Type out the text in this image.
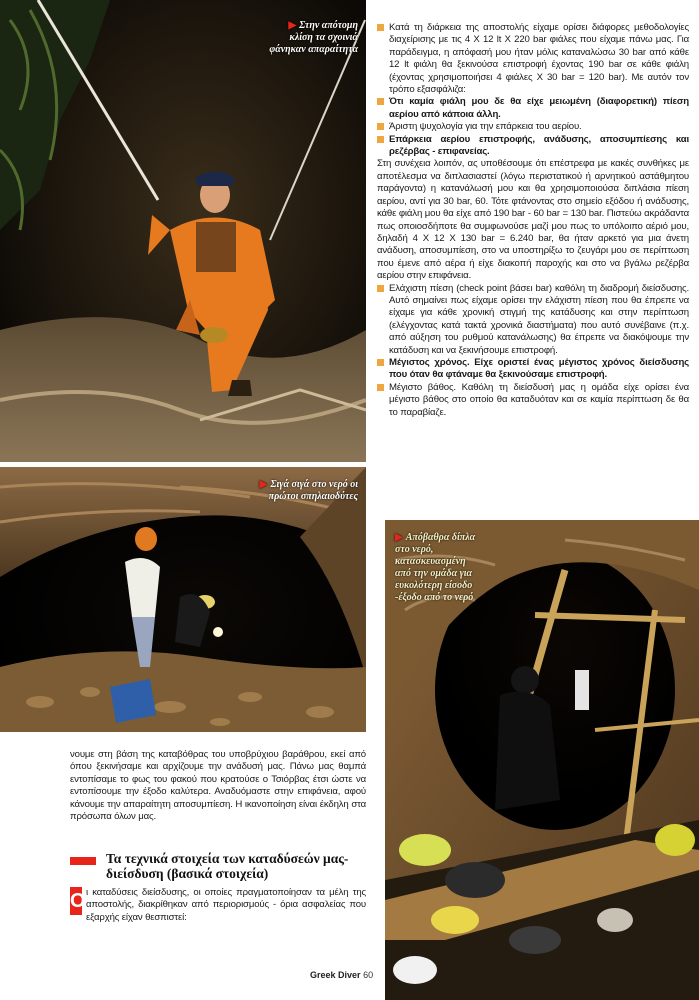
▶ Στην απότομη
κλίση τα σχοινιά
φάνηκαν απαραίτητα
▶ Σιγά σιγά στο νερό οι
πρώτοι σπηλαιοδύτες
▶ Απόβαθρα δίπλα
στο νερό,
κατασκευασμένη
από την ομάδα για
ευκολότερη είσοδο
-έξοδο από το νερό
Κατά τη διάρκεια της αποστολής είχαμε ορίσει διάφορες μεθοδολογίες διαχείρισης με τις 4 Χ 12 lt Χ 220 bar φιάλες που είχαμε πάνω μας. Για παράδειγμα, η απόφασή μου ήταν μόλις καταναλώσω 30 bar από κάθε 12 lt φιάλη θα ξεκινούσα επιστροφή έχοντας 190 bar σε κάθε φιάλη (έχοντας χρησιμοποιήσει 4 φιάλες Χ 30 bar = 120 bar). Με αυτόν τον τρόπο εξασφάλιζα:
Ότι καμία φιάλη μου δε θα είχε μειωμένη (διαφορετική) πίεση αερίου από κάποια άλλη.
Άριστη ψυχολογία για την επάρκεια του αερίου.
Επάρκεια αερίου επιστροφής, ανάδυσης, αποσυμπίεσης και ρεζέρβας - επιφανείας.
Στη συνέχεια λοιπόν, ας υποθέσουμε ότι επέστρεφα με κακές συνθήκες με αποτέλεσμα να διπλασιαστεί (λόγω περιστατικού ή αρνητικού αστάθμητου παράγοντα) η κατανάλωσή μου και θα χρησιμοποιούσα διπλάσια πίεση αερίου, αντί για 30 bar, 60. Τότε φτάνοντας στο σημείο εξόδου ή ανάδυσης, κάθε φιάλη μου θα είχε από 190 bar - 60 bar = 130 bar. Πιστεύω ακράδαντα πως οποιοσδήποτε θα συμφωνούσε μαζί μου πως το υπόλοιπο αέριό μου, δηλαδή 4 Χ 12 Χ 130 bar = 6.240 bar, θα ήταν αρκετό για μια άνετη ανάδυση, αποσυμπίεση, στο να υποστηρίξω το ζευγάρι μου σε περίπτωση που έμενε από αέρα ή είχε διακοπή παροχής και στο να βγάλω ρεζέρβα αερίου στην επιφάνεια.
Ελάχιστη πίεση (check point βάσει bar) καθόλη τη διαδρομή διείσδυσης. Αυτό σημαίνει πως είχαμε ορίσει την ελάχιστη πίεση που θα έπρεπε να είχαμε για κάθε χρονική στιγμή της κατάδυσης και στην περίπτωση (ελέγχοντας κατά τακτά χρονικά διαστήματα) που αυτό συνέβαινε (π.χ. από αύξηση του ρυθμού κατανάλωσης) θα έπρεπε να διακόψουμε την κατάδυση και να ξεκινήσουμε επιστροφή.
Μέγιστος χρόνος. Είχε οριστεί ένας μέγιστος χρόνος διείσδυσης που όταν θα φτάναμε θα ξεκινούσαμε επιστροφή.
Μέγιστο βάθος. Καθόλη τη διείσδυσή μας η ομάδα είχε ορίσει ένα μέγιστο βάθος στο οποίο θα καταδυόταν και σε καμία περίπτωση δε θα το παραβίαζε.
νουμε στη βάση της καταβόθρας του υποβρύχιου βαράθρου, εκεί από όπου ξεκινήσαμε και αρχίζουμε την ανάδυσή μας. Πάνω μας θαμπά εντοπίσαμε το φως του φακού που κρατούσε ο Τσιόρβας έτσι ώστε να εντοπίσουμε την έξοδο καλύτερα. Αναδυόμαστε στην επιφάνεια, αφού κάνουμε την απαραίτητη αποσυμπίεση. Η ικανοποίηση είναι έκδηλη στα πρόσωπα όλων μας.
Τα τεχνικά στοιχεία των καταδύσεών μας- διείσδυση (βασικά στοιχεία)
Ο ι καταδύσεις διείσδυσης, οι οποίες πραγματοποίησαν τα μέλη της αποστολής, διακρίθηκαν από περιορισμούς - όρια ασφαλείας που εξαρχής είχαν θεσπιστεί:
Greek Diver 60
